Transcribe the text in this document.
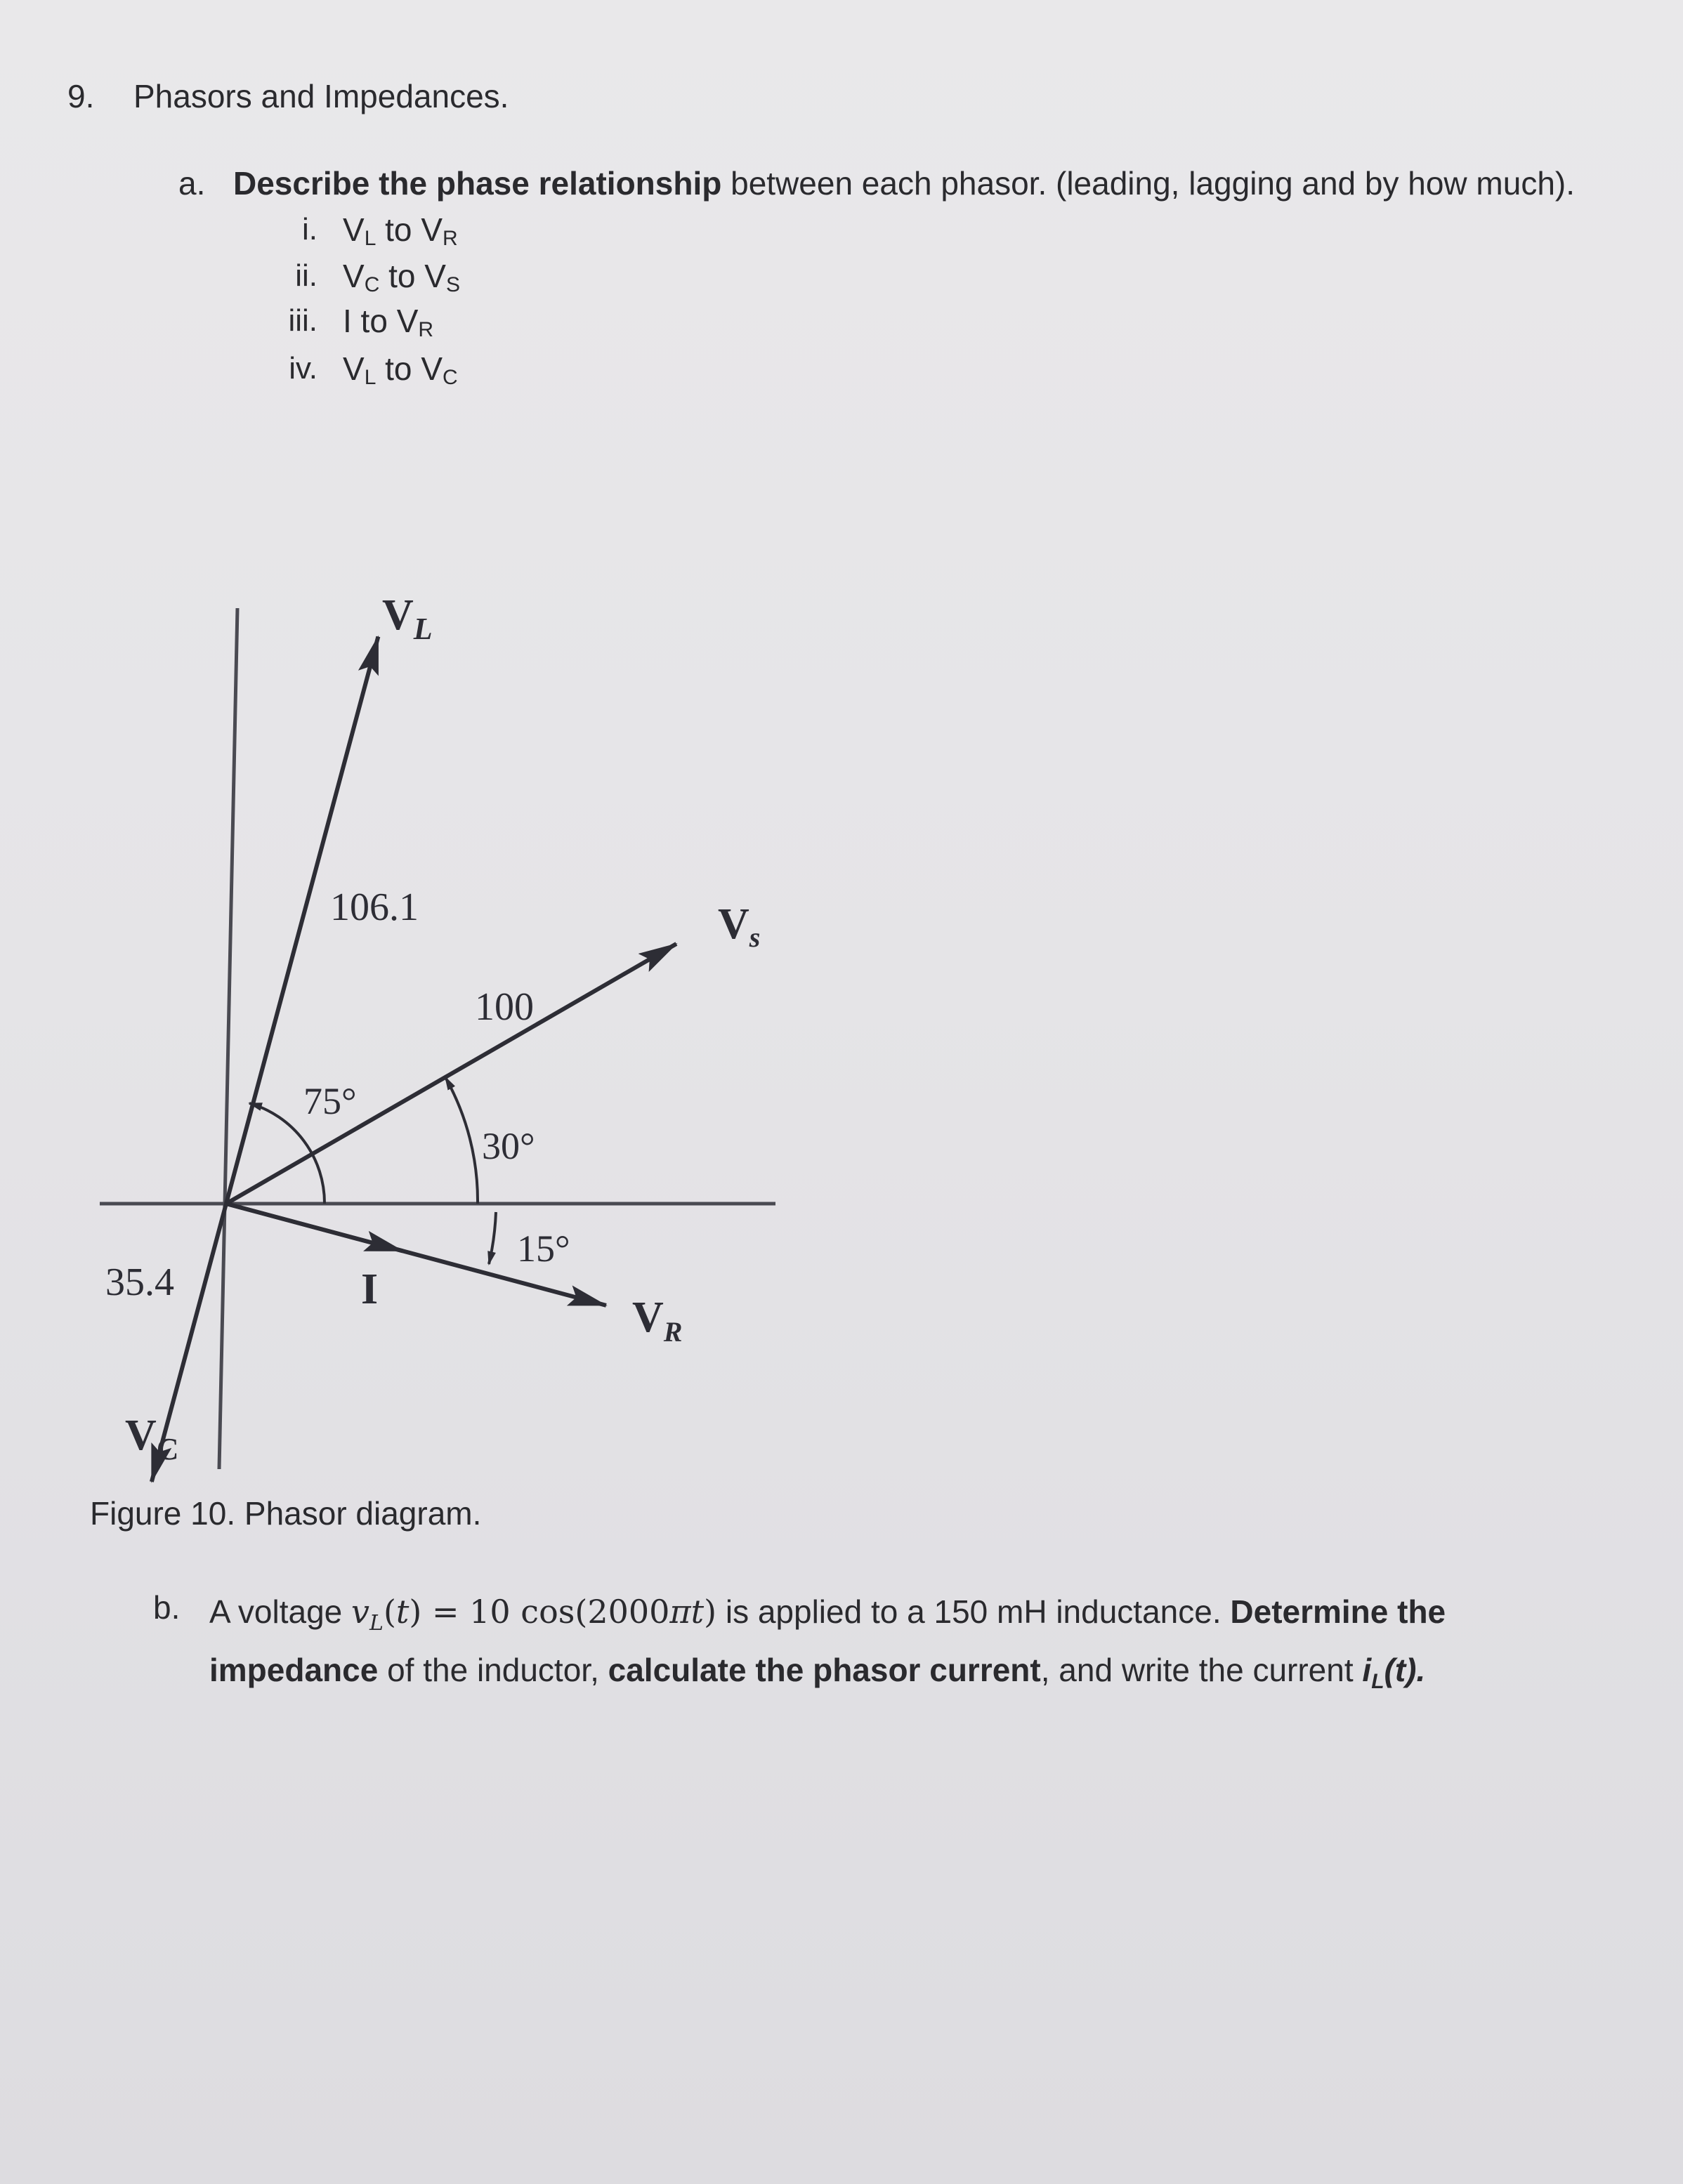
9. Phasors and Impedances.
a. Describe the phase relationship between each phasor. (leading, lagging and by how much).
i. $V_L$ to $V_R$
ii. $V_C$ to $V_S$
iii. I to $V_R$
iv. $V_L$ to $V_C$
106.1
100
35.4
75°
30°
15°
$V_L$
Vs
$V_R$
$V_C$
I
Figure 10. Phasor diagram.
b. A voltage $v_L(t) = 10$ cos(2000πt) is applied to a 150 mH inductance. Determine the
impedance of the inductor, calculate the phasor current, and write the current $i_L(t)$.
